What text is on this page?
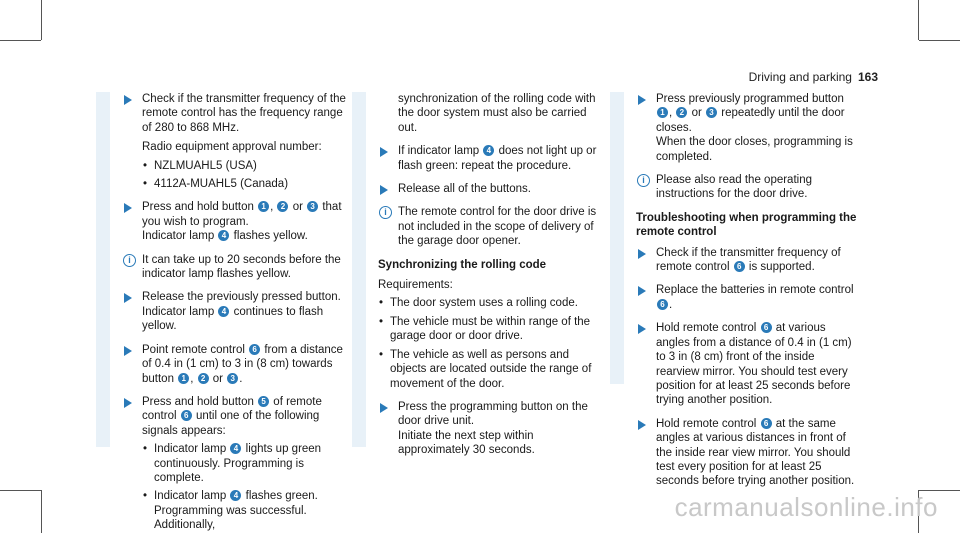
Driving and parking 163
Check if the transmitter frequency of the remote control has the frequency range of 280 to 868 MHz.
Radio equipment approval number:
• NZLMUAHL5 (USA)
• 4112A-MUAHL5 (Canada)
Press and hold button 1 , 2 or 3 that you wish to program.
Indicator lamp 4 flashes yellow.
i It can take up to 20 seconds before the indicator lamp flashes yellow.
Release the previously pressed button.
Indicator lamp 4 continues to flash yellow.
Point remote control 6 from a distance of 0.4 in (1 cm) to 3 in (8 cm) towards button 1 , 2 or 3 .
Press and hold button 5 of remote control 6 until one of the following signals appears:
• Indicator lamp 4 lights up green continuously. Programming is complete.
• Indicator lamp 4 flashes green. Programming was successful. Additionally,
synchronization of the rolling code with the door system must also be carried out.
If indicator lamp 4 does not light up or flash green: repeat the procedure.
Release all of the buttons.
i The remote control for the door drive is not included in the scope of delivery of the garage door opener.
Synchronizing the rolling code
Requirements:
• The door system uses a rolling code.
• The vehicle must be within range of the garage door or door drive.
• The vehicle as well as persons and objects are located outside the range of movement of the door.
Press the programming button on the door drive unit.
Initiate the next step within approximately 30 seconds.
Press previously programmed button 1 , 2 or 3 repeatedly until the door closes.
When the door closes, programming is completed.
i Please also read the operating instructions for the door drive.
Troubleshooting when programming the remote control
Check if the transmitter frequency of remote control 6 is supported.
Replace the batteries in remote control 6 .
Hold remote control 6 at various angles from a distance of 0.4 in (1 cm) to 3 in (8 cm) front of the inside rearview mirror. You should test every position for at least 25 seconds before trying another position.
Hold remote control 6 at the same angles at various distances in front of the inside rear view mirror. You should test every position for at least 25 seconds before trying another position.
carmanualsonline.info
